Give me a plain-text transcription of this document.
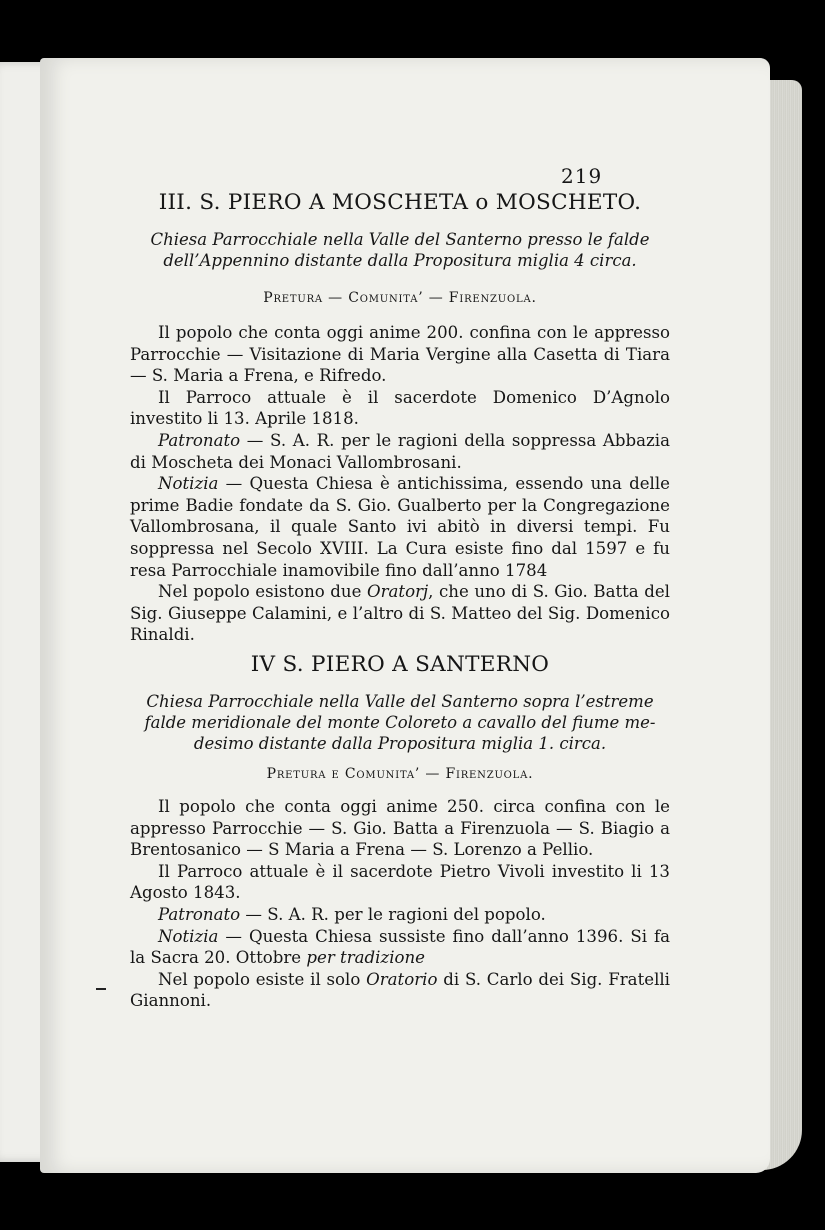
219
III. S. PIERO A MOSCHETA o MOSCHETO.
Chiesa Parrocchiale nella Valle del Santerno presso le falde
dell’Appennino distante dalla Propositura miglia 4 circa.

Pretura — Comunita’ — Firenzuola.

Il popolo che conta oggi anime 200. confina con le appresso Parrocchie — Visitazione di Maria Vergine alla Casetta di Tiara — S. Maria a Frena, e Rifredo.

Il Parroco attuale è il sacerdote Domenico D’Agnolo investito li 13. Aprile 1818.

Patronato — S. A. R. per le ragioni della soppressa Abbazia di Moscheta dei Monaci Vallombrosani.

Notizia — Questa Chiesa è antichissima, essendo una delle prime Badie fondate da S. Gio. Gualberto per la Congregazione Vallombrosana, il quale Santo ivi abitò in diversi tempi. Fu soppressa nel Secolo XVIII. La Cura esiste fino dal 1597 e fu resa Parrocchiale inamovibile fino dall’anno 1784

Nel popolo esistono due Oratorj, che uno di S. Gio. Batta del Sig. Giuseppe Calamini, e l’altro di S. Matteo del Sig. Domenico Rinaldi.

IV S. PIERO A SANTERNO
Chiesa Parrocchiale nella Valle del Santerno sopra l’estreme
falde meridionale del monte Coloreto a cavallo del fiume me-
desimo distante dalla Propositura miglia 1. circa.

Pretura e Comunita’ — Firenzuola.

Il popolo che conta oggi anime 250. circa confina con le appresso Parrocchie — S. Gio. Batta a Firenzuola — S. Biagio a Brentosanico — S Maria a Frena — S. Lorenzo a Pellio.

Il Parroco attuale è il sacerdote Pietro Vivoli investito li 13 Agosto 1843.

Patronato — S. A. R. per le ragioni del popolo.

Notizia — Questa Chiesa sussiste fino dall’anno 1396. Si fa la Sacra 20. Ottobre per tradizione

Nel popolo esiste il solo Oratorio di S. Carlo dei Sig. Fratelli Giannoni.
